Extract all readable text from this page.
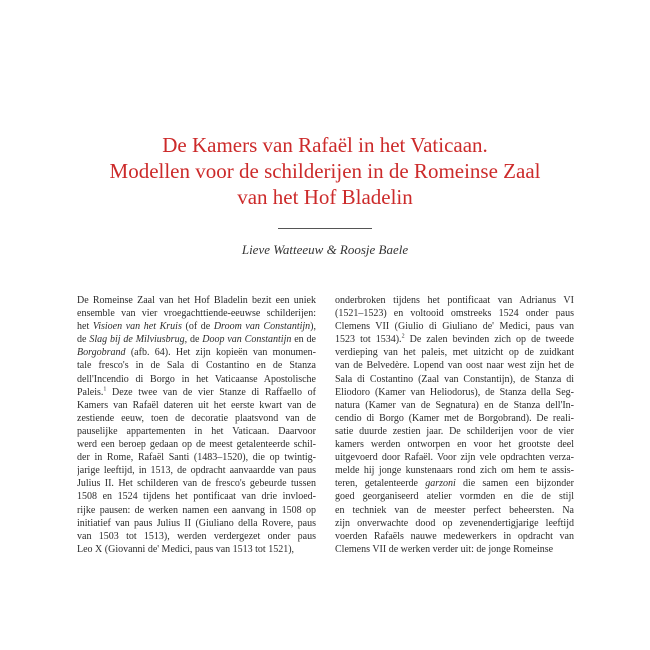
De Kamers van Rafaël in het Vaticaan.
Modellen voor de schilderijen in de Romeinse Zaal
van het Hof Bladelin
Lieve Watteeuw & Roosje Baele
De Romeinse Zaal van het Hof Bladelin bezit een uniek
ensemble van vier vroegachttiende-eeuwse schilderijen:
het Visioen van het Kruis (of de Droom van Constantijn),
de Slag bij de Milviusbrug, de Doop van Constantijn en de
Borgobrand (afb. 64). Het zijn kopieën van monumen-
tale fresco's in de Sala di Costantino en de Stanza
dell'Incendio di Borgo in het Vaticaanse Apostolische
Paleis.$^1$ Deze twee van de vier Stanze di Raffaello of
Kamers van Rafaël dateren uit het eerste kwart van de
zestiende eeuw, toen de decoratie plaatsvond van de
pauselijke appartementen in het Vaticaan. Daarvoor
werd een beroep gedaan op de meest getalenteerde schil-
der in Rome, Rafaël Santi (1483–1520), die op twintig-
jarige leeftijd, in 1513, de opdracht aanvaardde van paus
Julius II. Het schilderen van de fresco's gebeurde tussen
1508 en 1524 tijdens het pontificaat van drie invloed-
rijke pausen: de werken namen een aanvang in 1508 op
initiatief van paus Julius II (Giuliano della Rovere, paus
van 1503 tot 1513), werden verdergezet onder paus
Leo X (Giovanni de' Medici, paus van 1513 tot 1521),
onderbroken tijdens het pontificaat van Adrianus VI
(1521–1523) en voltooid omstreeks 1524 onder paus
Clemens VII (Giulio di Giuliano de' Medici, paus van
1523 tot 1534).$^2$ De zalen bevinden zich op de tweede
verdieping van het paleis, met uitzicht op de zuidkant
van de Belvedère. Lopend van oost naar west zijn het de
Sala di Costantino (Zaal van Constantijn), de Stanza di
Eliodoro (Kamer van Heliodorus), de Stanza della Seg-
natura (Kamer van de Segnatura) en de Stanza dell'In-
cendio di Borgo (Kamer met de Borgobrand). De reali-
satie duurde zestien jaar. De schilderijen voor de vier
kamers werden ontworpen en voor het grootste deel
uitgevoerd door Rafaël. Voor zijn vele opdrachten verza-
melde hij jonge kunstenaars rond zich om hem te assis-
teren, getalenteerde garzoni die samen een bijzonder
goed georganiseerd atelier vormden en die de stijl
en techniek van de meester perfect beheersten. Na
zijn onverwachte dood op zevenendertigjarige leeftijd
voerden Rafaëls nauwe medewerkers in opdracht van
Clemens VII de werken verder uit: de jonge Romeinse
